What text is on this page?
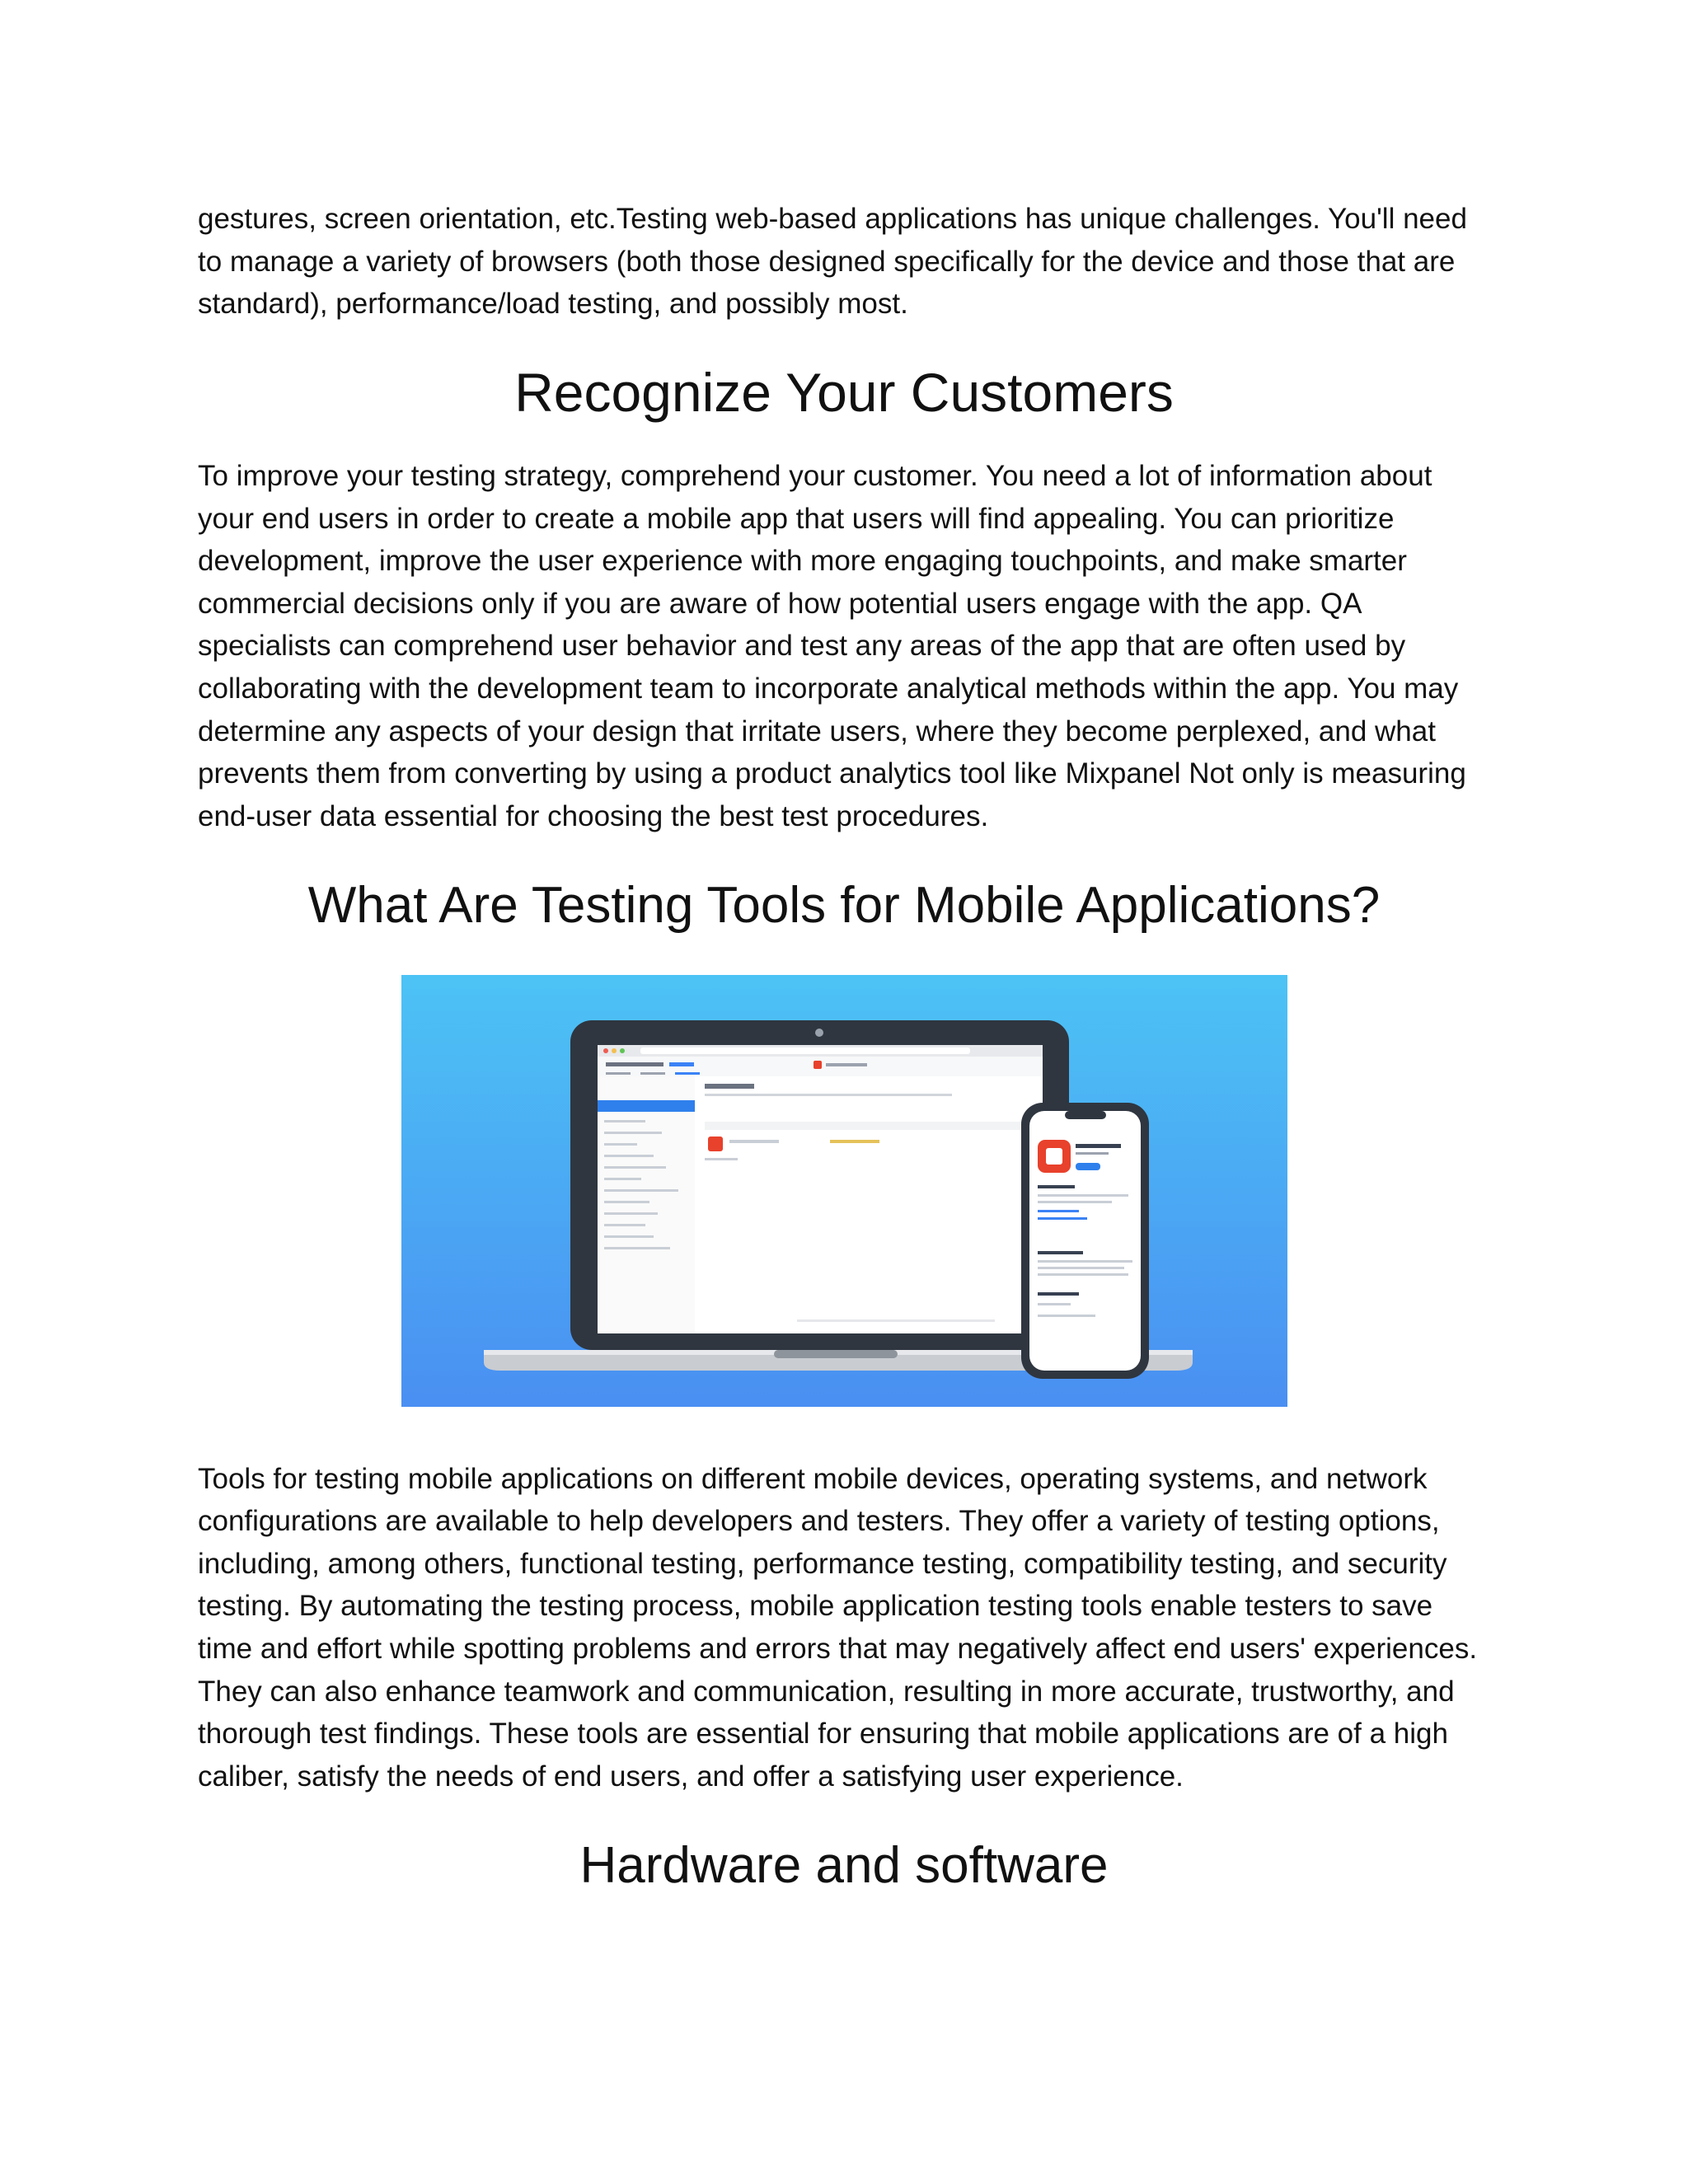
gestures, screen orientation, etc.Testing web-based applications has unique challenges. You'll need to manage a variety of browsers (both those designed specifically for the device and those that are standard), performance/load testing, and possibly most.

Recognize Your Customers

To improve your testing strategy, comprehend your customer. You need a lot of information about your end users in order to create a mobile app that users will find appealing. You can prioritize development, improve the user experience with more engaging touchpoints, and make smarter commercial decisions only if you are aware of how potential users engage with the app. QA specialists can comprehend user behavior and test any areas of the app that are often used by collaborating with the development team to incorporate analytical methods within the app. You may determine any aspects of your design that irritate users, where they become perplexed, and what prevents them from converting by using a product analytics tool like Mixpanel Not only is measuring end-user data essential for choosing the best test procedures.

What Are Testing Tools for Mobile Applications?

Tools for testing mobile applications on different mobile devices, operating systems, and network configurations are available to help developers and testers. They offer a variety of testing options, including, among others, functional testing, performance testing, compatibility testing, and security testing. By automating the testing process, mobile application testing tools enable testers to save time and effort while spotting problems and errors that may negatively affect end users' experiences. They can also enhance teamwork and communication, resulting in more accurate, trustworthy, and thorough test findings. These tools are essential for ensuring that mobile applications are of a high caliber, satisfy the needs of end users, and offer a satisfying user experience.

Hardware and software
